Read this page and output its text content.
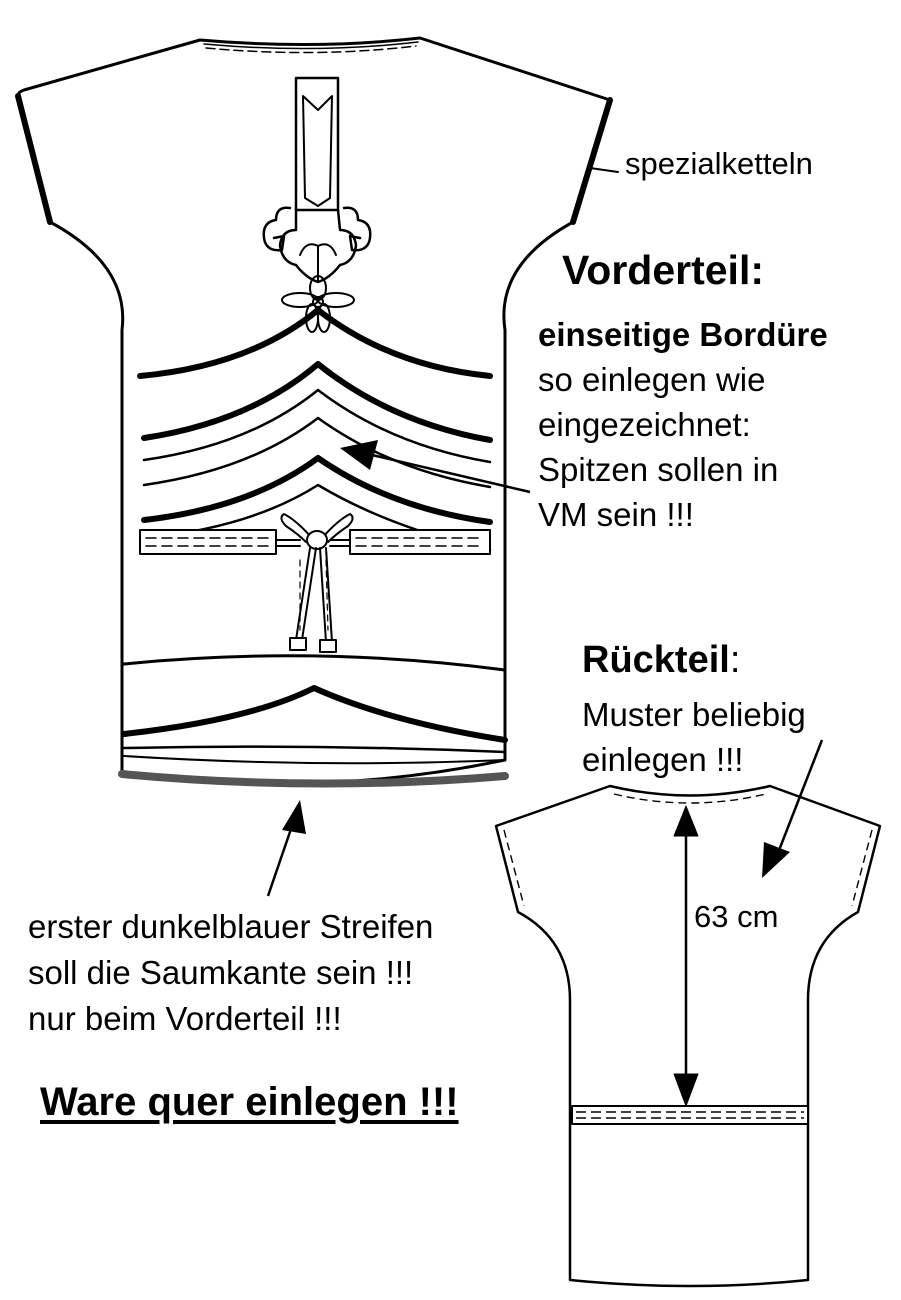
spezialketteln
Vorderteil:
einseitige Bordüre
so einlegen wie
eingezeichnet:
Spitzen sollen in
VM sein !!!
Rückteil:
Muster beliebig
einlegen !!!
63 cm
erster dunkelblauer Streifen
soll die Saumkante sein !!!
nur beim Vorderteil !!!
Ware quer einlegen !!!
